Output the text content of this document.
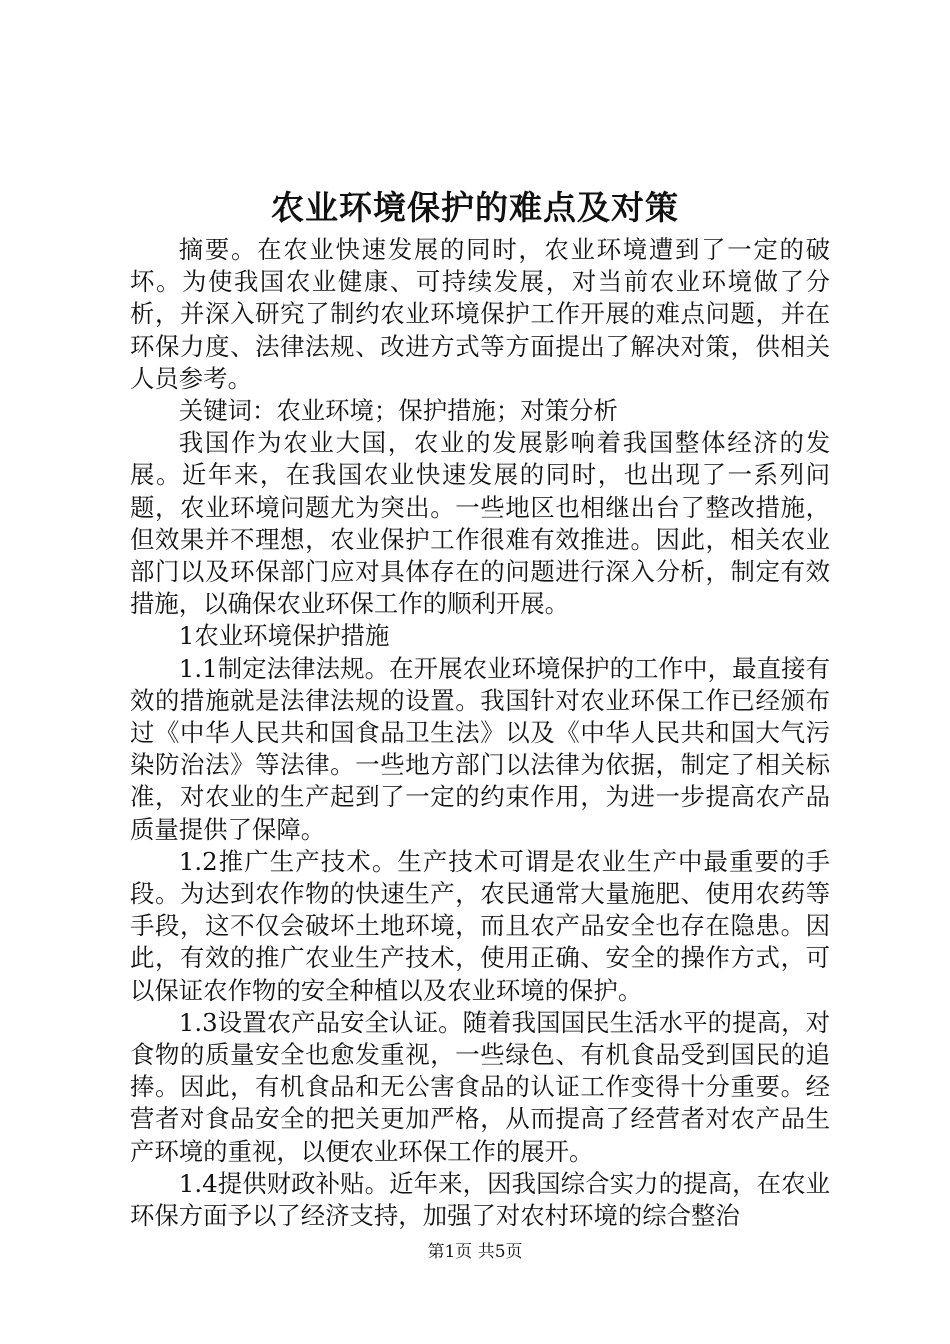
农业环境保护的难点及对策

摘要。在农业快速发展的同时，农业环境遭到了一定的破坏。为使我国农业健康、可持续发展，对当前农业环境做了分析，并深入研究了制约农业环境保护工作开展的难点问题，并在环保力度、法律法规、改进方式等方面提出了解决对策，供相关人员参考。

关键词：农业环境；保护措施；对策分析

我国作为农业大国，农业的发展影响着我国整体经济的发展。近年来，在我国农业快速发展的同时，也出现了一系列问题，农业环境问题尤为突出。一些地区也相继出台了整改措施，但效果并不理想，农业保护工作很难有效推进。因此，相关农业部门以及环保部门应对具体存在的问题进行深入分析，制定有效措施，以确保农业环保工作的顺利开展。

1农业环境保护措施

1.1制定法律法规。在开展农业环境保护的工作中，最直接有效的措施就是法律法规的设置。我国针对农业环保工作已经颁布过《中华人民共和国食品卫生法》以及《中华人民共和国大气污染防治法》等法律。一些地方部门以法律为依据，制定了相关标准，对农业的生产起到了一定的约束作用，为进一步提高农产品质量提供了保障。

1.2推广生产技术。生产技术可谓是农业生产中最重要的手段。为达到农作物的快速生产，农民通常大量施肥、使用农药等手段，这不仅会破坏土地环境，而且农产品安全也存在隐患。因此，有效的推广农业生产技术，使用正确、安全的操作方式，可以保证农作物的安全种植以及农业环境的保护。

1.3设置农产品安全认证。随着我国国民生活水平的提高，对食物的质量安全也愈发重视，一些绿色、有机食品受到国民的追捧。因此，有机食品和无公害食品的认证工作变得十分重要。经营者对食品安全的把关更加严格，从而提高了经营者对农产品生产环境的重视，以便农业环保工作的展开。

1.4提供财政补贴。近年来，因我国综合实力的提高，在农业环保方面予以了经济支持，加强了对农村环境的综合整治

第1页 共5页
